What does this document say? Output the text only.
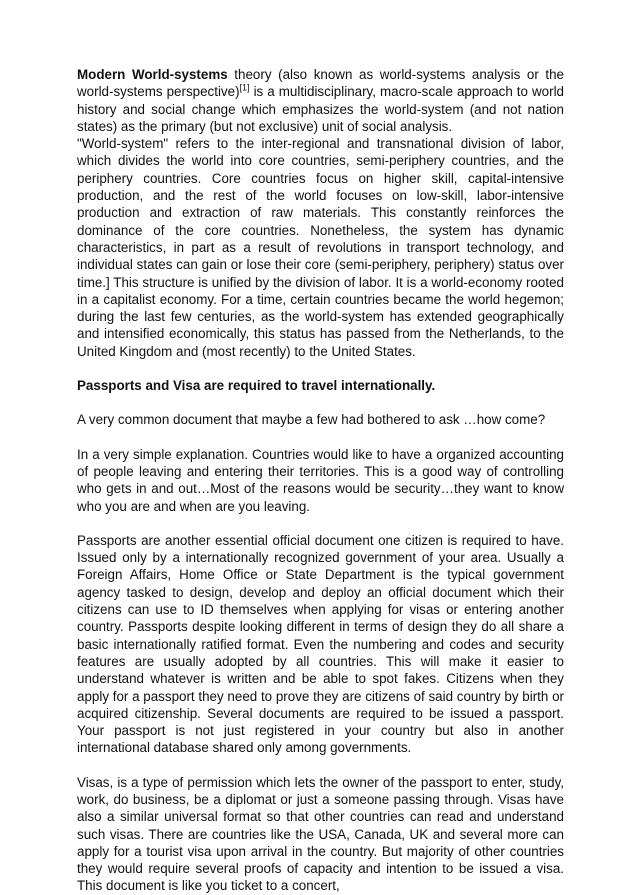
Modern World-systems theory (also known as world-systems analysis or the world-systems perspective)[1] is a multidisciplinary, macro-scale approach to world history and social change which emphasizes the world-system (and not nation states) as the primary (but not exclusive) unit of social analysis.

"World-system" refers to the inter-regional and transnational division of labor, which divides the world into core countries, semi-periphery countries, and the periphery countries. Core countries focus on higher skill, capital-intensive production, and the rest of the world focuses on low-skill, labor-intensive production and extraction of raw materials. This constantly reinforces the dominance of the core countries. Nonetheless, the system has dynamic characteristics, in part as a result of revolutions in transport technology, and individual states can gain or lose their core (semi-periphery, periphery) status over time.] This structure is unified by the division of labor. It is a world-economy rooted in a capitalist economy. For a time, certain countries became the world hegemon; during the last few centuries, as the world-system has extended geographically and intensified economically, this status has passed from the Netherlands, to the United Kingdom and (most recently) to the United States.

Passports and Visa are required to travel internationally.

A very common document that maybe a few had bothered to ask …how come?

In a very simple explanation. Countries would like to have a organized accounting of people leaving and entering their territories. This is a good way of controlling who gets in and out…Most of the reasons would be security…they want to know who you are and when are you leaving.

Passports are another essential official document one citizen is required to have. Issued only by a internationally recognized government of your area. Usually a Foreign Affairs, Home Office or State Department is the typical government agency tasked to design, develop and deploy an official document which their citizens can use to ID themselves when applying for visas or entering another country. Passports despite looking different in terms of design they do all share a basic internationally ratified format. Even the numbering and codes and security features are usually adopted by all countries. This will make it easier to understand whatever is written and be able to spot fakes. Citizens when they apply for a passport they need to prove they are citizens of said country by birth or acquired citizenship. Several documents are required to be issued a passport. Your passport is not just registered in your country but also in another international database shared only among governments.

Visas, is a type of permission which lets the owner of the passport to enter, study, work, do business, be a diplomat or just a someone passing through. Visas have also a similar universal format so that other countries can read and understand such visas. There are countries like the USA, Canada, UK and several more can apply for a tourist visa upon arrival in the country. But majority of other countries they would require several proofs of capacity and intention to be issued a visa. This document is like you ticket to a concert,
